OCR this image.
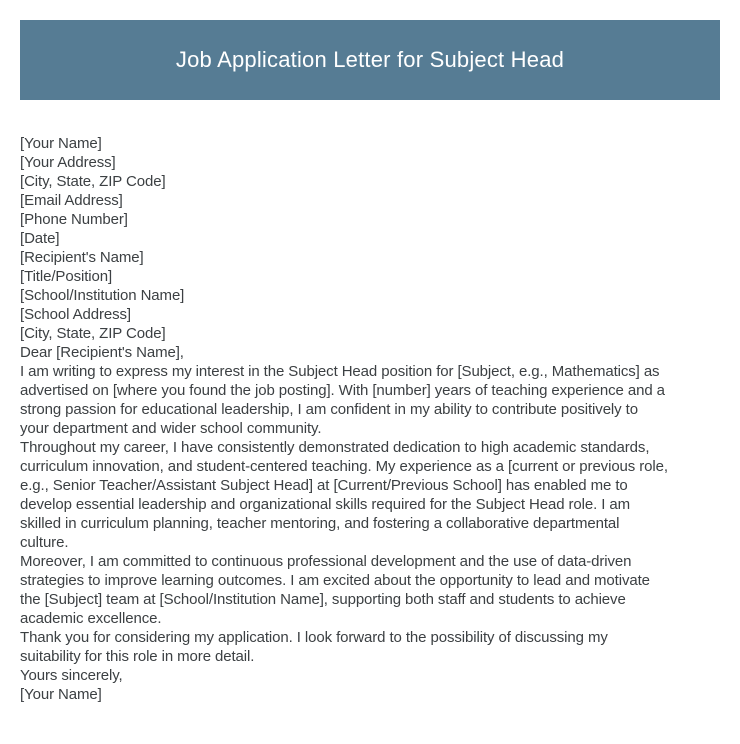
Job Application Letter for Subject Head
[Your Name]
[Your Address]
[City, State, ZIP Code]
[Email Address]
[Phone Number]
[Date]
[Recipient's Name]
[Title/Position]
[School/Institution Name]
[School Address]
[City, State, ZIP Code]
Dear [Recipient's Name],
I am writing to express my interest in the Subject Head position for [Subject, e.g., Mathematics] as
advertised on [where you found the job posting]. With [number] years of teaching experience and a
strong passion for educational leadership, I am confident in my ability to contribute positively to
your department and wider school community.
Throughout my career, I have consistently demonstrated dedication to high academic standards,
curriculum innovation, and student-centered teaching. My experience as a [current or previous role,
e.g., Senior Teacher/Assistant Subject Head] at [Current/Previous School] has enabled me to
develop essential leadership and organizational skills required for the Subject Head role. I am
skilled in curriculum planning, teacher mentoring, and fostering a collaborative departmental
culture.
Moreover, I am committed to continuous professional development and the use of data-driven
strategies to improve learning outcomes. I am excited about the opportunity to lead and motivate
the [Subject] team at [School/Institution Name], supporting both staff and students to achieve
academic excellence.
Thank you for considering my application. I look forward to the possibility of discussing my
suitability for this role in more detail.
Yours sincerely,
[Your Name]
